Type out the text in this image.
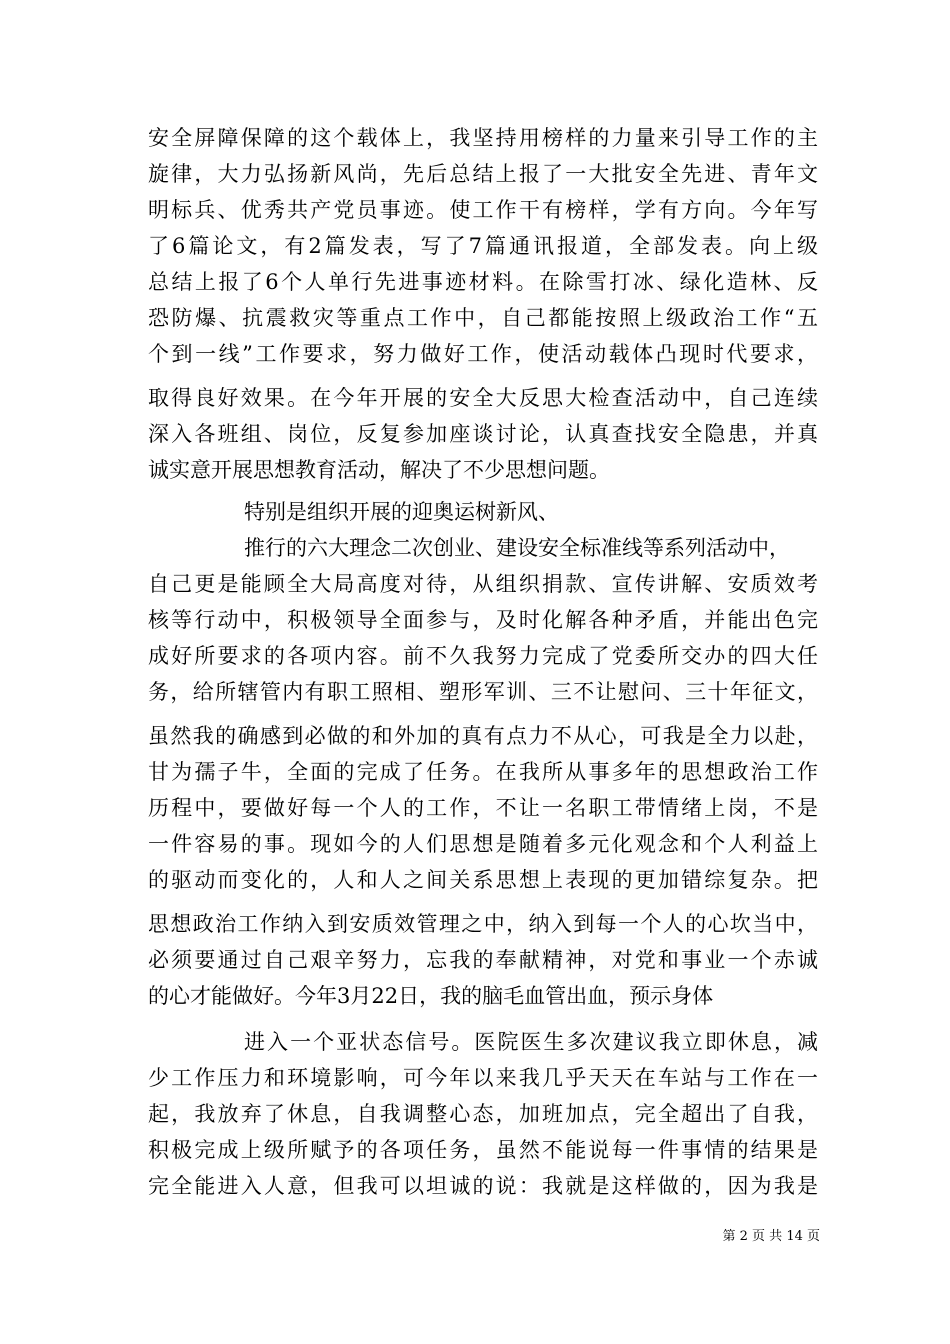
安全屏障保障的这个载体上，我坚持用榜样的力量来引导工作的主
旋律，大力弘扬新风尚，先后总结上报了一大批安全先进、青年文
明标兵、优秀共产党员事迹。使工作干有榜样，学有方向。今年写
了6篇论文，有2篇发表，写了7篇通讯报道，全部发表。向上级
总结上报了6个人单行先进事迹材料。在除雪打冰、绿化造林、反
恐防爆、抗震救灾等重点工作中，自己都能按照上级政治工作“五
个到一线”工作要求，努力做好工作，使活动载体凸现时代要求，
取得良好效果。在今年开展的安全大反思大检查活动中，自己连续
深入各班组、岗位，反复参加座谈讨论，认真查找安全隐患，并真
诚实意开展思想教育活动，解决了不少思想问题。
特别是组织开展的迎奥运树新风、
推行的六大理念二次创业、建设安全标准线等系列活动中，
自己更是能顾全大局高度对待，从组织捐款、宣传讲解、安质效考
核等行动中，积极领导全面参与，及时化解各种矛盾，并能出色完
成好所要求的各项内容。前不久我努力完成了党委所交办的四大任
务，给所辖管内有职工照相、塑形军训、三不让慰问、三十年征文，
虽然我的确感到必做的和外加的真有点力不从心，可我是全力以赴，
甘为孺子牛，全面的完成了任务。在我所从事多年的思想政治工作
历程中，要做好每一个人的工作，不让一名职工带情绪上岗，不是
一件容易的事。现如今的人们思想是随着多元化观念和个人利益上
的驱动而变化的，人和人之间关系思想上表现的更加错综复杂。把
思想政治工作纳入到安质效管理之中，纳入到每一个人的心坎当中，
必须要通过自己艰辛努力，忘我的奉献精神，对党和事业一个赤诚
的心才能做好。今年3月22日，我的脑毛血管出血，预示身体
进入一个亚状态信号。医院医生多次建议我立即休息，减
少工作压力和环境影响，可今年以来我几乎天天在车站与工作在一
起，我放弃了休息，自我调整心态，加班加点，完全超出了自我，
积极完成上级所赋予的各项任务，虽然不能说每一件事情的结果是
完全能进入人意，但我可以坦诚的说：我就是这样做的，因为我是
第 2 页 共 14 页
